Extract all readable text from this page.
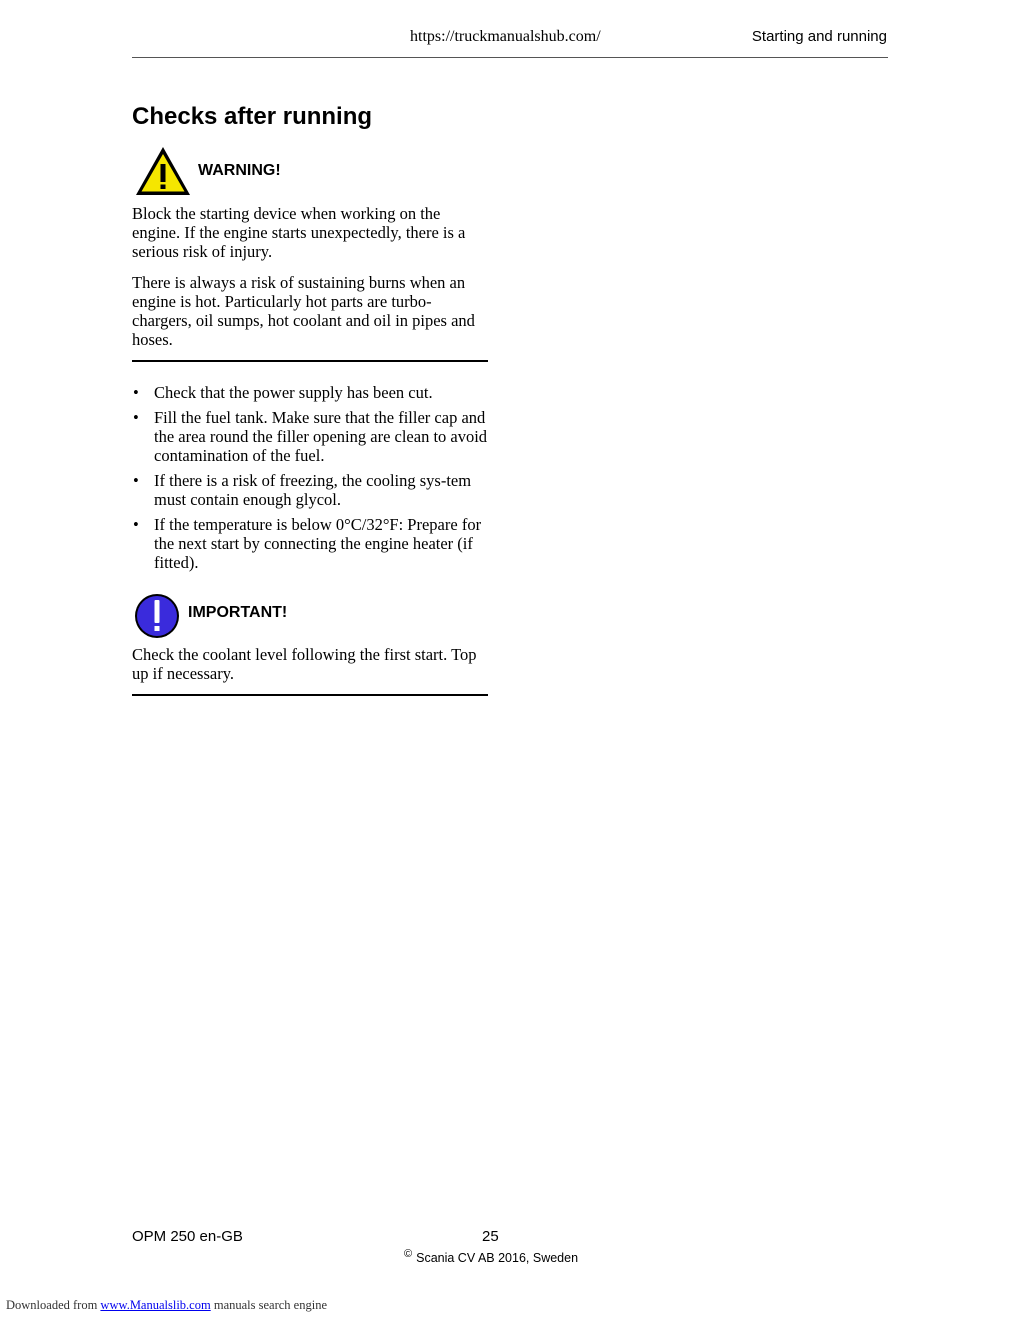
https://truckmanualshub.com/	Starting and running
Checks after running
WARNING!

Block the starting device when working on the engine. If the engine starts unexpectedly, there is a serious risk of injury.

There is always a risk of sustaining burns when an engine is hot. Particularly hot parts are turbo-chargers, oil sumps, hot coolant and oil in pipes and hoses.

• Check that the power supply has been cut.
• Fill the fuel tank. Make sure that the filler cap and the area round the filler opening are clean to avoid contamination of the fuel.
• If there is a risk of freezing, the cooling sys-tem must contain enough glycol.
• If the temperature is below 0°C/32°F: Prepare for the next start by connecting the engine heater (if fitted).
IMPORTANT!

Check the coolant level following the first start. Top up if necessary.

OPM 250 en-GB	25
© Scania CV AB 2016, Sweden
Downloaded from www.Manualslib.com manuals search engine
